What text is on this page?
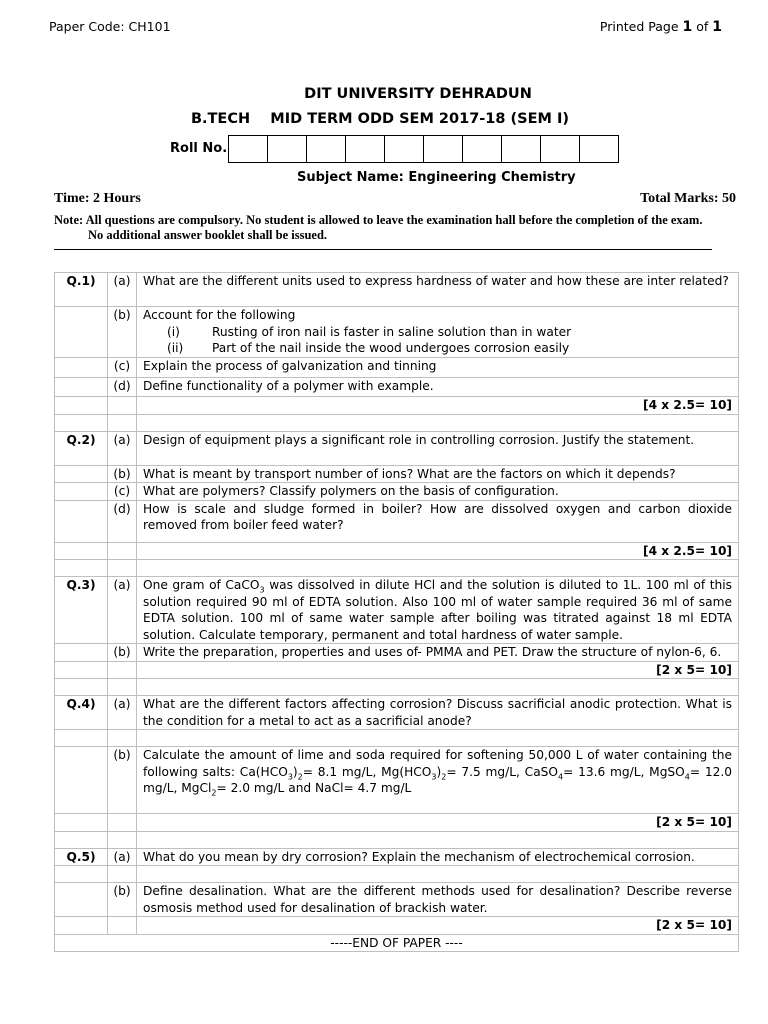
Paper Code: CH101	Printed Page 1 of 1
DIT UNIVERSITY DEHRADUN
B.TECH    MID TERM ODD SEM 2017-18 (SEM I)
Roll No.
Subject Name: Engineering Chemistry
Time: 2 Hours	Total Marks: 50
Note: All questions are compulsory. No student is allowed to leave the examination hall before the completion of the exam.
No additional answer booklet shall be issued.
Q.1)	(a)	What are the different units used to express hardness of water and how these are inter related?
	(b)	Account for the following
(i) Rusting of iron nail is faster in saline solution than in water
(ii) Part of the nail inside the wood undergoes corrosion easily

	(c)	Explain the process of galvanization and tinning
	(d)	Define functionality of a polymer with example.
		[4 x 2.5= 10]

Q.2)	(a)	Design of equipment plays a significant role in controlling corrosion. Justify the statement.
	(b)	What is meant by transport number of ions? What are the factors on which it depends?
	(c)	What are polymers? Classify polymers on the basis of configuration.
	(d)	How is scale and sludge formed in boiler? How are dissolved oxygen and carbon dioxide removed from boiler feed water?
		[4 x 2.5= 10]

Q.3)	(a)	One gram of CaCO$_3$ was dissolved in dilute HCl and the solution is diluted to 1L. 100 ml of this solution required 90 ml of EDTA solution. Also 100 ml of water sample required 36 ml of same EDTA solution. 100 ml of same water sample after boiling was titrated against 18 ml EDTA solution. Calculate temporary, permanent and total hardness of water sample.
	(b)	Write the preparation, properties and uses of- PMMA and PET. Draw the structure of nylon-6, 6.
		[2 x 5= 10]

Q.4)	(a)	What are the different factors affecting corrosion? Discuss sacrificial anodic protection. What is the condition for a metal to act as a sacrificial anode?

	(b)	Calculate the amount of lime and soda required for softening 50,000 L of water containing the following salts: $Ca(HCO_3)_2= 8.1$ mg/L, $Mg(HCO_3)_2= 7.5$ mg/L, CaSO$_4$= 13.6 mg/L, MgSO$_4$= 12.0 mg/L, MgCl$_2$= 2.0 mg/L and NaCl= 4.7 mg/L
		[2 x 5= 10]

Q.5)	(a)	What do you mean by dry corrosion? Explain the mechanism of electrochemical corrosion.

	(b)	Define desalination. What are the different methods used for desalination? Describe reverse osmosis method used for desalination of brackish water.
		[2 x 5= 10]
-----END OF PAPER ----		
